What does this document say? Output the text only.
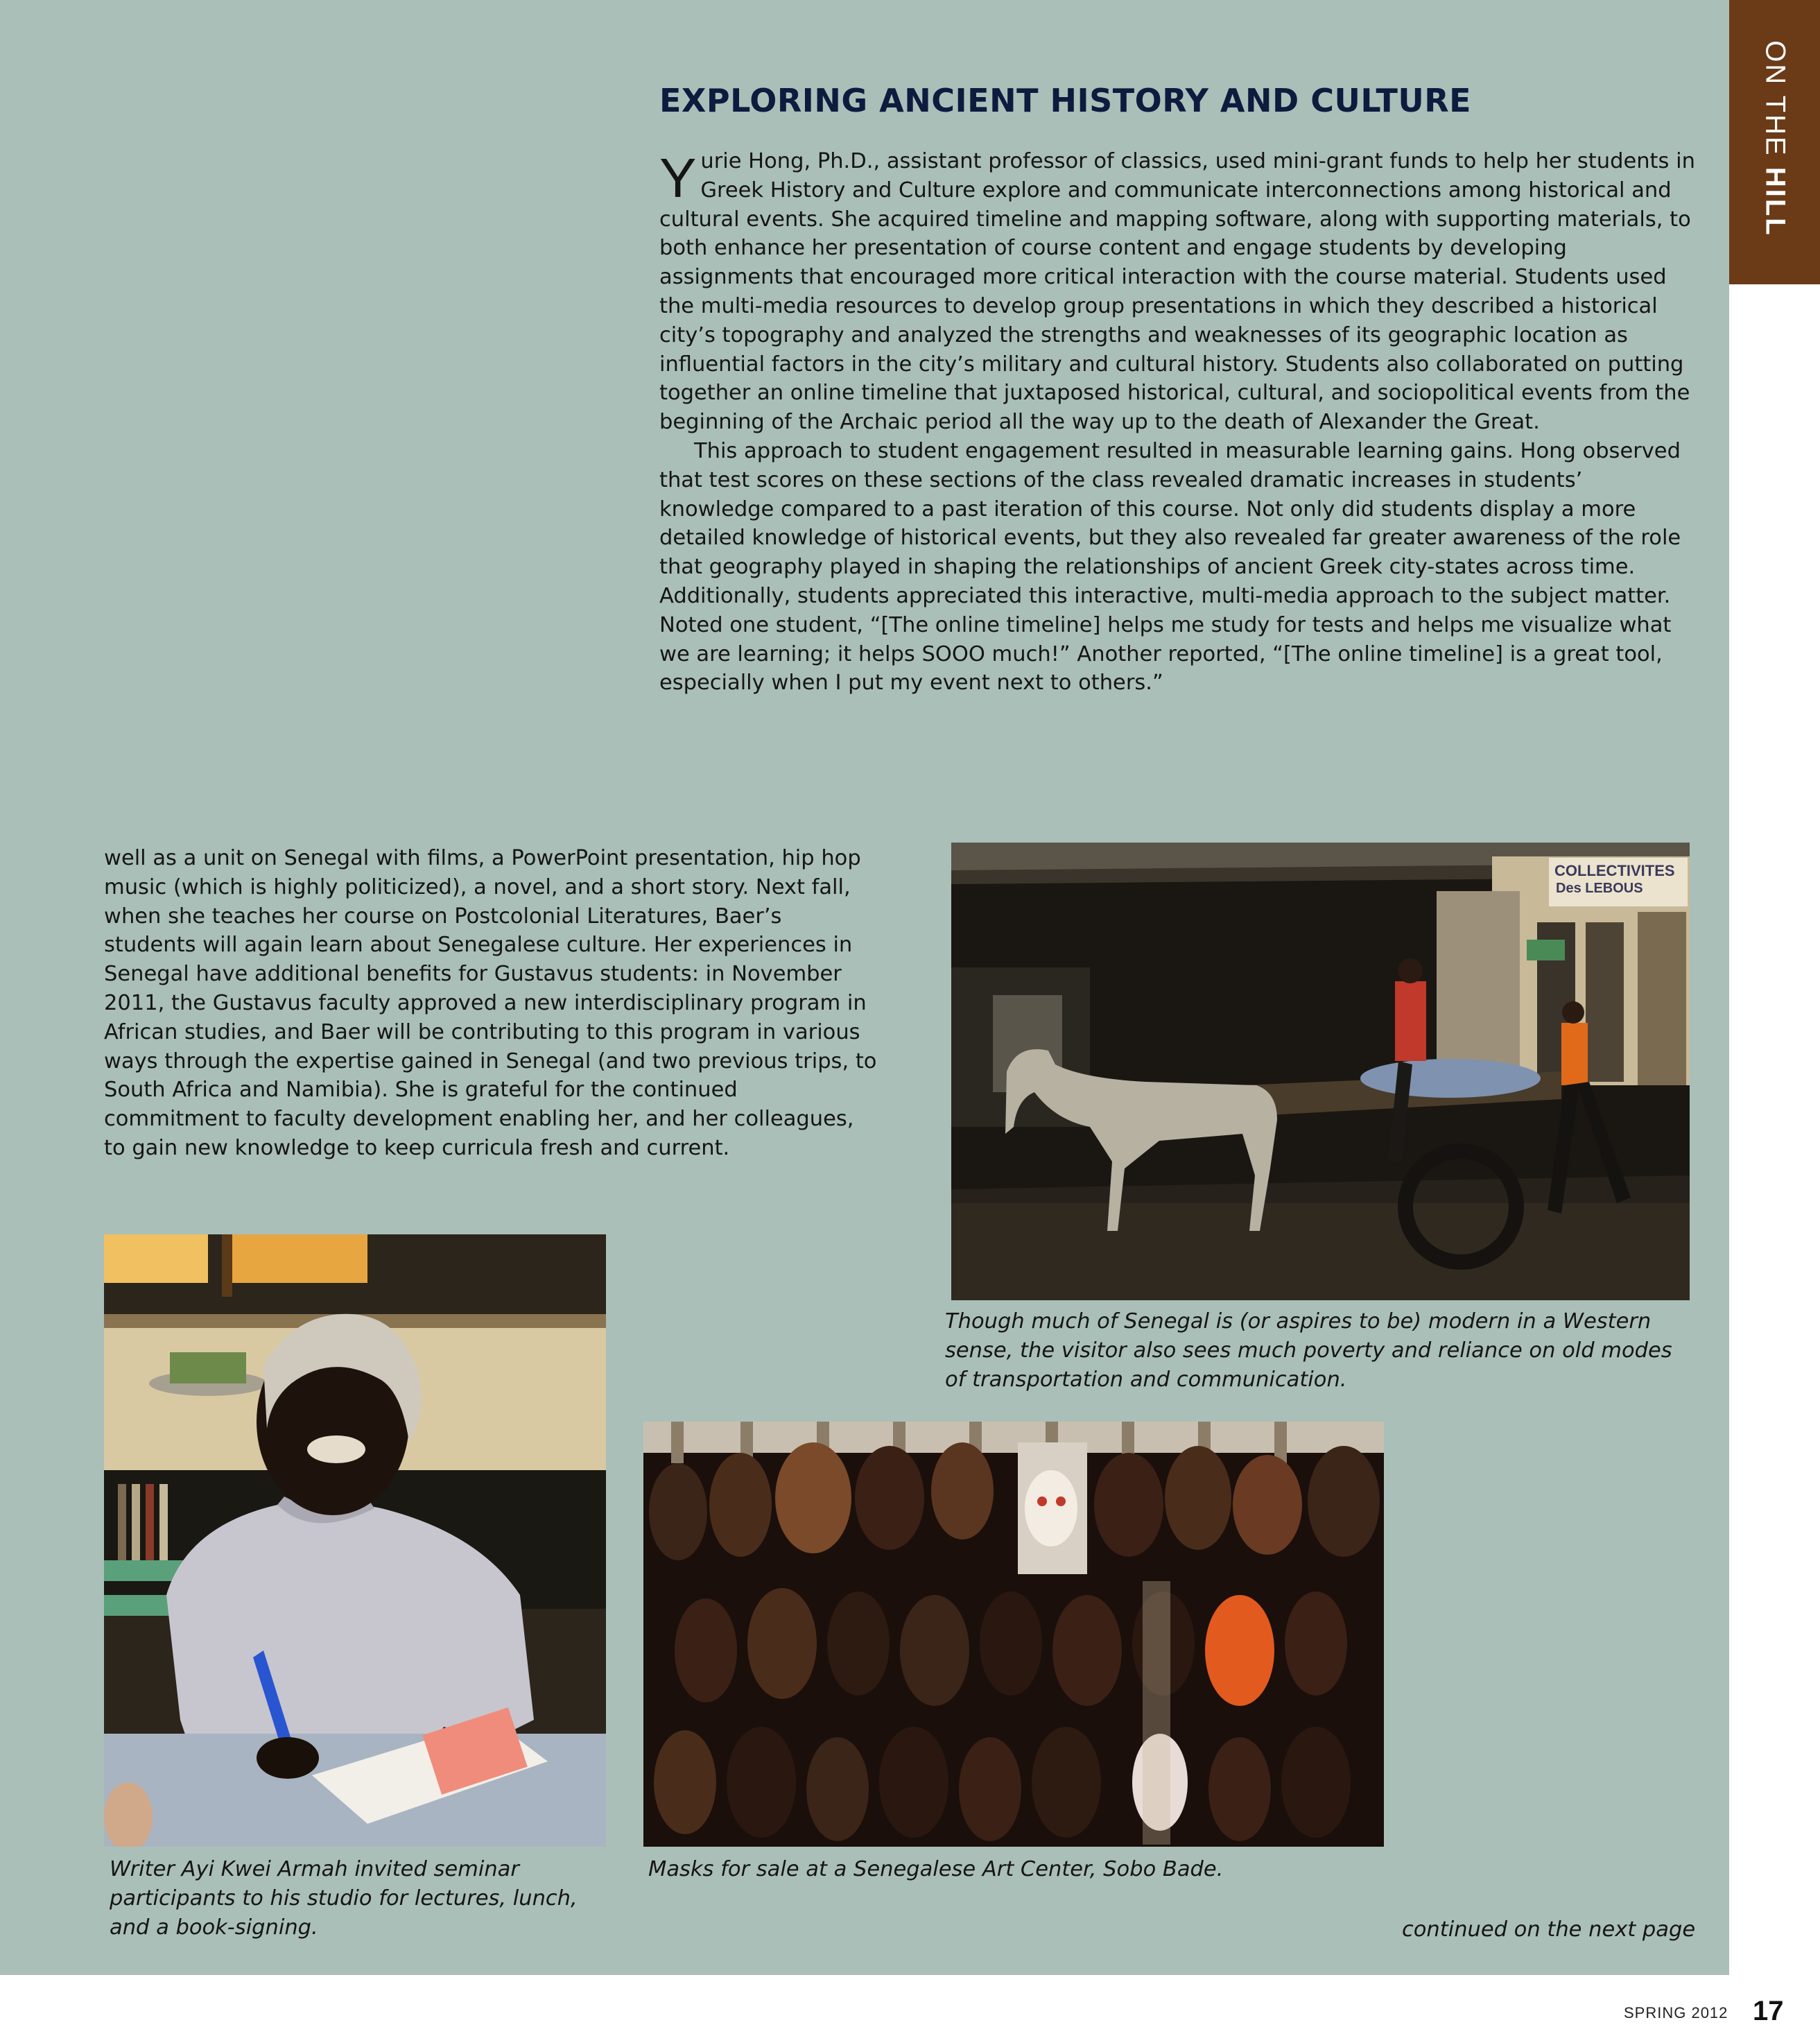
ON THE HILL
EXPLORING ANCIENT HISTORY AND CULTURE

Yurie Hong, Ph.D., assistant professor of classics, used mini-grant funds to help her students in Greek History and Culture explore and communicate interconnections among historical and cultural events. She acquired timeline and mapping software, along with supporting materials, to both enhance her presentation of course content and engage students by developing assignments that encouraged more critical interaction with the course material. Students used the multi-media resources to develop group presentations in which they described a historical city’s topography and analyzed the strengths and weaknesses of its geographic location as influential factors in the city’s military and cultural history. Students also collaborated on putting together an online timeline that juxtaposed historical, cultural, and sociopolitical events from the beginning of the Archaic period all the way up to the death of Alexander the Great.

This approach to student engagement resulted in measurable learning gains. Hong observed that test scores on these sections of the class revealed dramatic increases in students’ knowledge compared to a past iteration of this course. Not only did students display a more detailed knowledge of historical events, but they also revealed far greater awareness of the role that geography played in shaping the relationships of ancient Greek city-states across time. Additionally, students appreciated this interactive, multi-media approach to the subject matter. Noted one student, “[The online timeline] helps me study for tests and helps me visualize what we are learning; it helps SOOO much!” Another reported, “[The online timeline] is a great tool, especially when I put my event next to others.”

well as a unit on Senegal with films, a PowerPoint presentation, hip hop music (which is highly politicized), a novel, and a short story. Next fall, when she teaches her course on Postcolonial Literatures, Baer’s students will again learn about Senegalese culture. Her experiences in Senegal have additional benefits for Gustavus students: in November 2011, the Gustavus faculty approved a new interdisciplinary program in African studies, and Baer will be contributing to this program in various ways through the expertise gained in Senegal (and two previous trips, to South Africa and Namibia). She is grateful for the continued commitment to faculty development enabling her, and her colleagues, to gain new knowledge to keep curricula fresh and current.

COLLECTIVITES
Des LEBOUS

Though much of Senegal is (or aspires to be) modern in a Western sense, the visitor also sees much poverty and reliance on old modes of transportation and communication.

Writer Ayi Kwei Armah invited seminar participants to his studio for lectures, lunch, and a book-signing.

Masks for sale at a Senegalese Art Center, Sobo Bade.

continued on the next page

SPRING 2012 17
